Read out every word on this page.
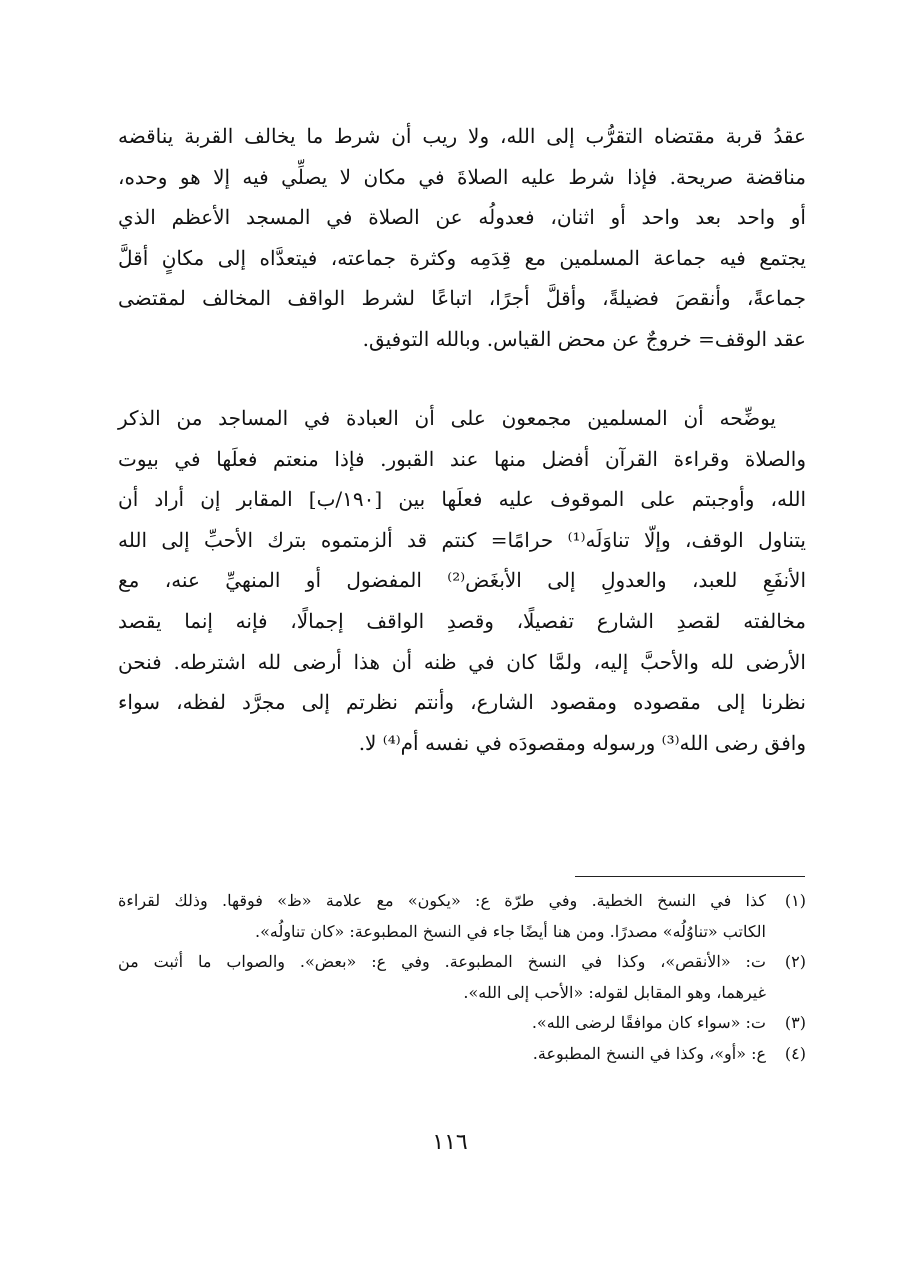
عقدُ قربة مقتضاه التقرُّب إلى الله، ولا ريب أن شرط ما يخالف القربة يناقضه
مناقضة صريحة. فإذا شرط عليه الصلاةَ في مكان لا يصلِّي فيه إلا هو وحده،
أو واحد بعد واحد أو اثنان، فعدولُه عن الصلاة في المسجد الأعظم الذي
يجتمع فيه جماعة المسلمين مع قِدَمِه وكثرة جماعته، فيتعدَّاه إلى مكانٍ أقلَّ
جماعةً، وأنقصَ فضيلةً، وأقلَّ أجرًا، اتباعًا لشرط الواقف المخالف لمقتضى
عقد الوقف= خروجٌ عن محض القياس. وبالله التوفيق.
يوضِّحه أن المسلمين مجمعون على أن العبادة في المساجد من الذكر
والصلاة وقراءة القرآن أفضل منها عند القبور. فإذا منعتم فعلَها في بيوت
الله، وأوجبتم على الموقوف عليه فعلَها بين [١٩٠/ب] المقابر إن أراد أن
يتناول الوقف، وإلّا تناوَلَه⁽¹⁾ حرامًا= كنتم قد ألزمتموه بترك الأحبِّ إلى الله
الأنفَعِ للعبد، والعدولِ إلى الأبغَض⁽²⁾ المفضول أو المنهيِّ عنه، مع
مخالفته لقصدِ الشارع تفصيلًا، وقصدِ الواقف إجمالًا، فإنه إنما يقصد
الأرضى لله والأحبَّ إليه، ولمَّا كان في ظنه أن هذا أرضى لله اشترطه. فنحن
نظرنا إلى مقصوده ومقصود الشارع، وأنتم نظرتم إلى مجرَّد لفظه، سواء
وافق رضى الله⁽³⁾ ورسوله ومقصودَه في نفسه أم⁽⁴⁾ لا.
(١)
كذا في النسخ الخطية. وفي طرّة ع: «يكون» مع علامة «ظ» فوقها. وذلك لقراءة
الكاتب «تناوُلُه» مصدرًا. ومن هنا أيضًا جاء في النسخ المطبوعة: «كان تناولُه».
(٢)
ت: «الأنقص»، وكذا في النسخ المطبوعة. وفي ع: «بعض». والصواب ما أثبت من
غيرهما، وهو المقابل لقوله: «الأحب إلى الله».
(٣)
ت: «سواء كان موافقًا لرضى الله».
(٤)
ع: «أو»، وكذا في النسخ المطبوعة.
١١٦
